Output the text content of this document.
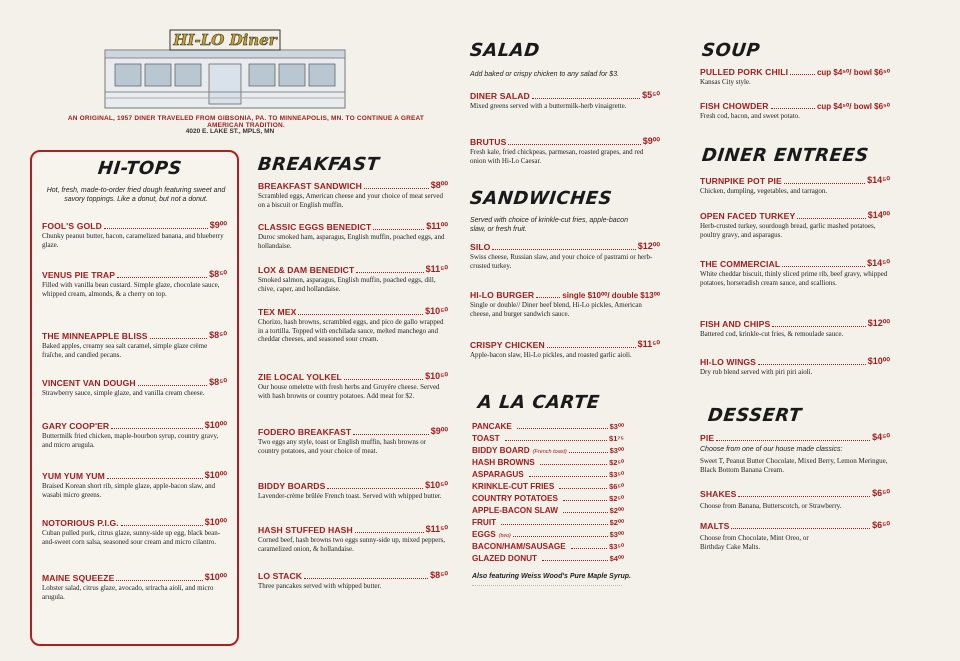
HI-LO Diner
AN ORIGINAL, 1957 DINER TRAVELED FROM GIBSONIA, PA. TO MINNEAPOLIS, MN. TO CONTINUE A GREAT AMERICAN TRADITION.
4020 E. LAKE ST., MPLS, MN
HI-TOPS
Hot, fresh, made-to-order fried dough featuring sweet and savory toppings. Like a donut, but not a donut.
FOOL'S GOLD	$9⁰⁰
Chunky peanut butter, bacon, caramelized banana, and blueberry glaze.
VENUS PIE TRAP	$8⁵⁰
Filled with vanilla bean custard. Simple glaze, chocolate sauce, whipped cream, almonds, & a cherry on top.
THE MINNEAPPLE BLISS	$8⁵⁰
Baked apples, creamy sea salt caramel, simple glaze crème fraîche, and candied pecans.
VINCENT VAN DOUGH	$8⁵⁰
Strawberry sauce, simple glaze, and vanilla cream cheese.
GARY COOP'ER	$10⁰⁰
Buttermilk fried chicken, maple-bourbon syrup, country gravy, and micro arugula.
YUM YUM YUM	$10⁰⁰
Braised Korean short rib, simple glaze, apple-bacon slaw, and wasabi micro greens.
NOTORIOUS P.I.G.	$10⁰⁰
Cuban pulled pork, citrus glaze, sunny-side up egg, black bean-and-sweet corn salsa, seasoned sour cream and micro cilantro.
MAINE SQUEEZE	$10⁰⁰
Lobster salad, citrus glaze, avocado, sriracha aioli, and micro arugula.
BREAKFAST
BREAKFAST SANDWICH	$8⁰⁰
Scrambled eggs, American cheese and your choice of meat served on a biscuit or English muffin.
CLASSIC EGGS BENEDICT	$11⁰⁰
Duroc smoked ham, asparagus, English muffin, poached eggs, and hollandaise.
LOX & DAM BENEDICT	$11⁵⁰
Smoked salmon, asparagus, English muffin, poached eggs, dill, chive, caper, and hollandaise.
TEX MEX	$10⁵⁰
Chorizo, hash browns, scrambled eggs, and pico de gallo wrapped in a tortilla. Topped with enchilada sauce, melted manchego and cheddar cheeses, and seasoned sour cream.
ZIE LOCAL YOLKEL	$10⁵⁰
Our house omelette with fresh herbs and Gruyère cheese. Served with hash browns or country potatoes. Add meat for $2.
FODERO BREAKFAST	$9⁰⁰
Two eggs any style, toast or English muffin, hash browns or country potatoes, and your choice of meat.
BIDDY BOARDS	$10⁵⁰
Lavender-crème brûlée French toast. Served with whipped butter.
HASH STUFFED HASH	$11⁵⁰
Corned beef, hash browns two eggs sunny-side up, mixed peppers, caramelized onion, & hollandaise.
LO STACK	$8⁵⁰
Three pancakes served with whipped butter.
SALAD
Add baked or crispy chicken to any salad for $3.
DINER SALAD	$5⁵⁰
Mixed greens served with a buttermilk-herb vinaigrette.
BRUTUS	$9⁰⁰
Fresh kale, fried chickpeas, parmesan, roasted grapes, and red onion with Hi-Lo Caesar.
SANDWICHES
Served with choice of krinkle-cut fries, apple-bacon slaw, or fresh fruit.
SILO	$12⁰⁰
Swiss cheese, Russian slaw, and your choice of pastrami or herb-crusted turkey.
HI-LO BURGER	single $10⁰⁰/ double $13⁰⁰
Single or double// Diner beef blend, Hi-Lo pickles, American cheese, and burger sandwich sauce.
CRISPY CHICKEN	$11⁵⁰
Apple-bacon slaw, Hi-Lo pickles, and roasted garlic aioli.
A LA CARTE
PANCAKE	$3⁰⁰
TOAST	$1⁷⁵
BIDDY BOARD (French toast)	$3⁰⁰
HASH BROWNS	$2⁵⁰
ASPARAGUS	$3⁵⁰
KRINKLE-CUT FRIES	$6⁵⁰
COUNTRY POTATOES	$2⁵⁰
APPLE-BACON SLAW	$2⁰⁰
FRUIT	$2⁰⁰
EGGS (two)	$3⁰⁰
BACON/HAM/SAUSAGE	$3⁵⁰
GLAZED DONUT	$4⁰⁰
Also featuring Weiss Wood's Pure Maple Syrup.
SOUP
PULLED PORK CHILI	cup $4⁵⁰/ bowl $6⁵⁰
Kansas City style.
FISH CHOWDER	cup $4⁵⁰/ bowl $6⁵⁰
Fresh cod, bacon, and sweet potato.
DINER ENTREES
TURNPIKE POT PIE	$14⁵⁰
Chicken, dumpling, vegetables, and tarragon.
OPEN FACED TURKEY	$14⁰⁰
Herb-crusted turkey, sourdough bread, garlic mashed potatoes, poultry gravy, and asparagus.
THE COMMERCIAL	$14⁵⁰
White cheddar biscuit, thinly sliced prime rib, beef gravy, whipped potatoes, horseradish cream sauce, and scallions.
FISH AND CHIPS	$12⁰⁰
Battered cod, krinkle-cut fries, & remoulade sauce.
HI-LO WINGS	$10⁰⁰
Dry rub blend served with piri piri aioli.
DESSERT
PIE	$4⁵⁰
Choose from one of our house made classics:
Sweet T, Peanut Butter Chocolate, Mixed Berry, Lemon Meringue, Black Bottom Banana Cream.
SHAKES	$6⁵⁰
Choose from Banana, Butterscotch, or Strawberry.
MALTS	$6⁵⁰
Choose from Chocolate, Mint Oreo, or Birthday Cake Malts.
